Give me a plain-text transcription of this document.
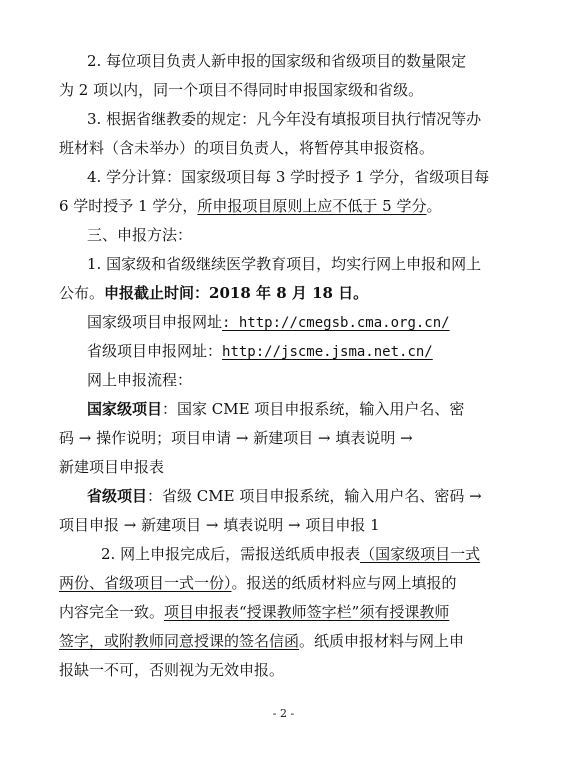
2. 每位项目负责人新申报的国家级和省级项目的数量限定
为 2 项以内，同一个项目不得同时申报国家级和省级。
3. 根据省继教委的规定：凡今年没有填报项目执行情况等办
班材料（含未举办）的项目负责人，将暂停其申报资格。
4. 学分计算：国家级项目每 3 学时授予 1 学分，省级项目每
6 学时授予 1 学分，所申报项目原则上应不低于 5 学分。
三、申报方法：
1. 国家级和省级继续医学教育项目，均实行网上申报和网上
公布。申报截止时间：2018 年 8 月 18 日。
国家级项目申报网址: http://cmegsb.cma.org.cn/
省级项目申报网址：http://jscme.jsma.net.cn/
网上申报流程：
国家级项目：国家 CME 项目申报系统，输入用户名、密
码 → 操作说明；项目申请 → 新建项目 → 填表说明 →
新建项目申报表
省级项目：省级 CME 项目申报系统，输入用户名、密码 →
项目申报 → 新建项目 → 填表说明 → 项目申报 1
2. 网上申报完成后，需报送纸质申报表（国家级项目一式
两份、省级项目一式一份）。报送的纸质材料应与网上填报的
内容完全一致。项目申报表“授课教师签字栏”须有授课教师
签字，或附教师同意授课的签名信函。纸质申报材料与网上申
报缺一不可，否则视为无效申报。
- 2 -
